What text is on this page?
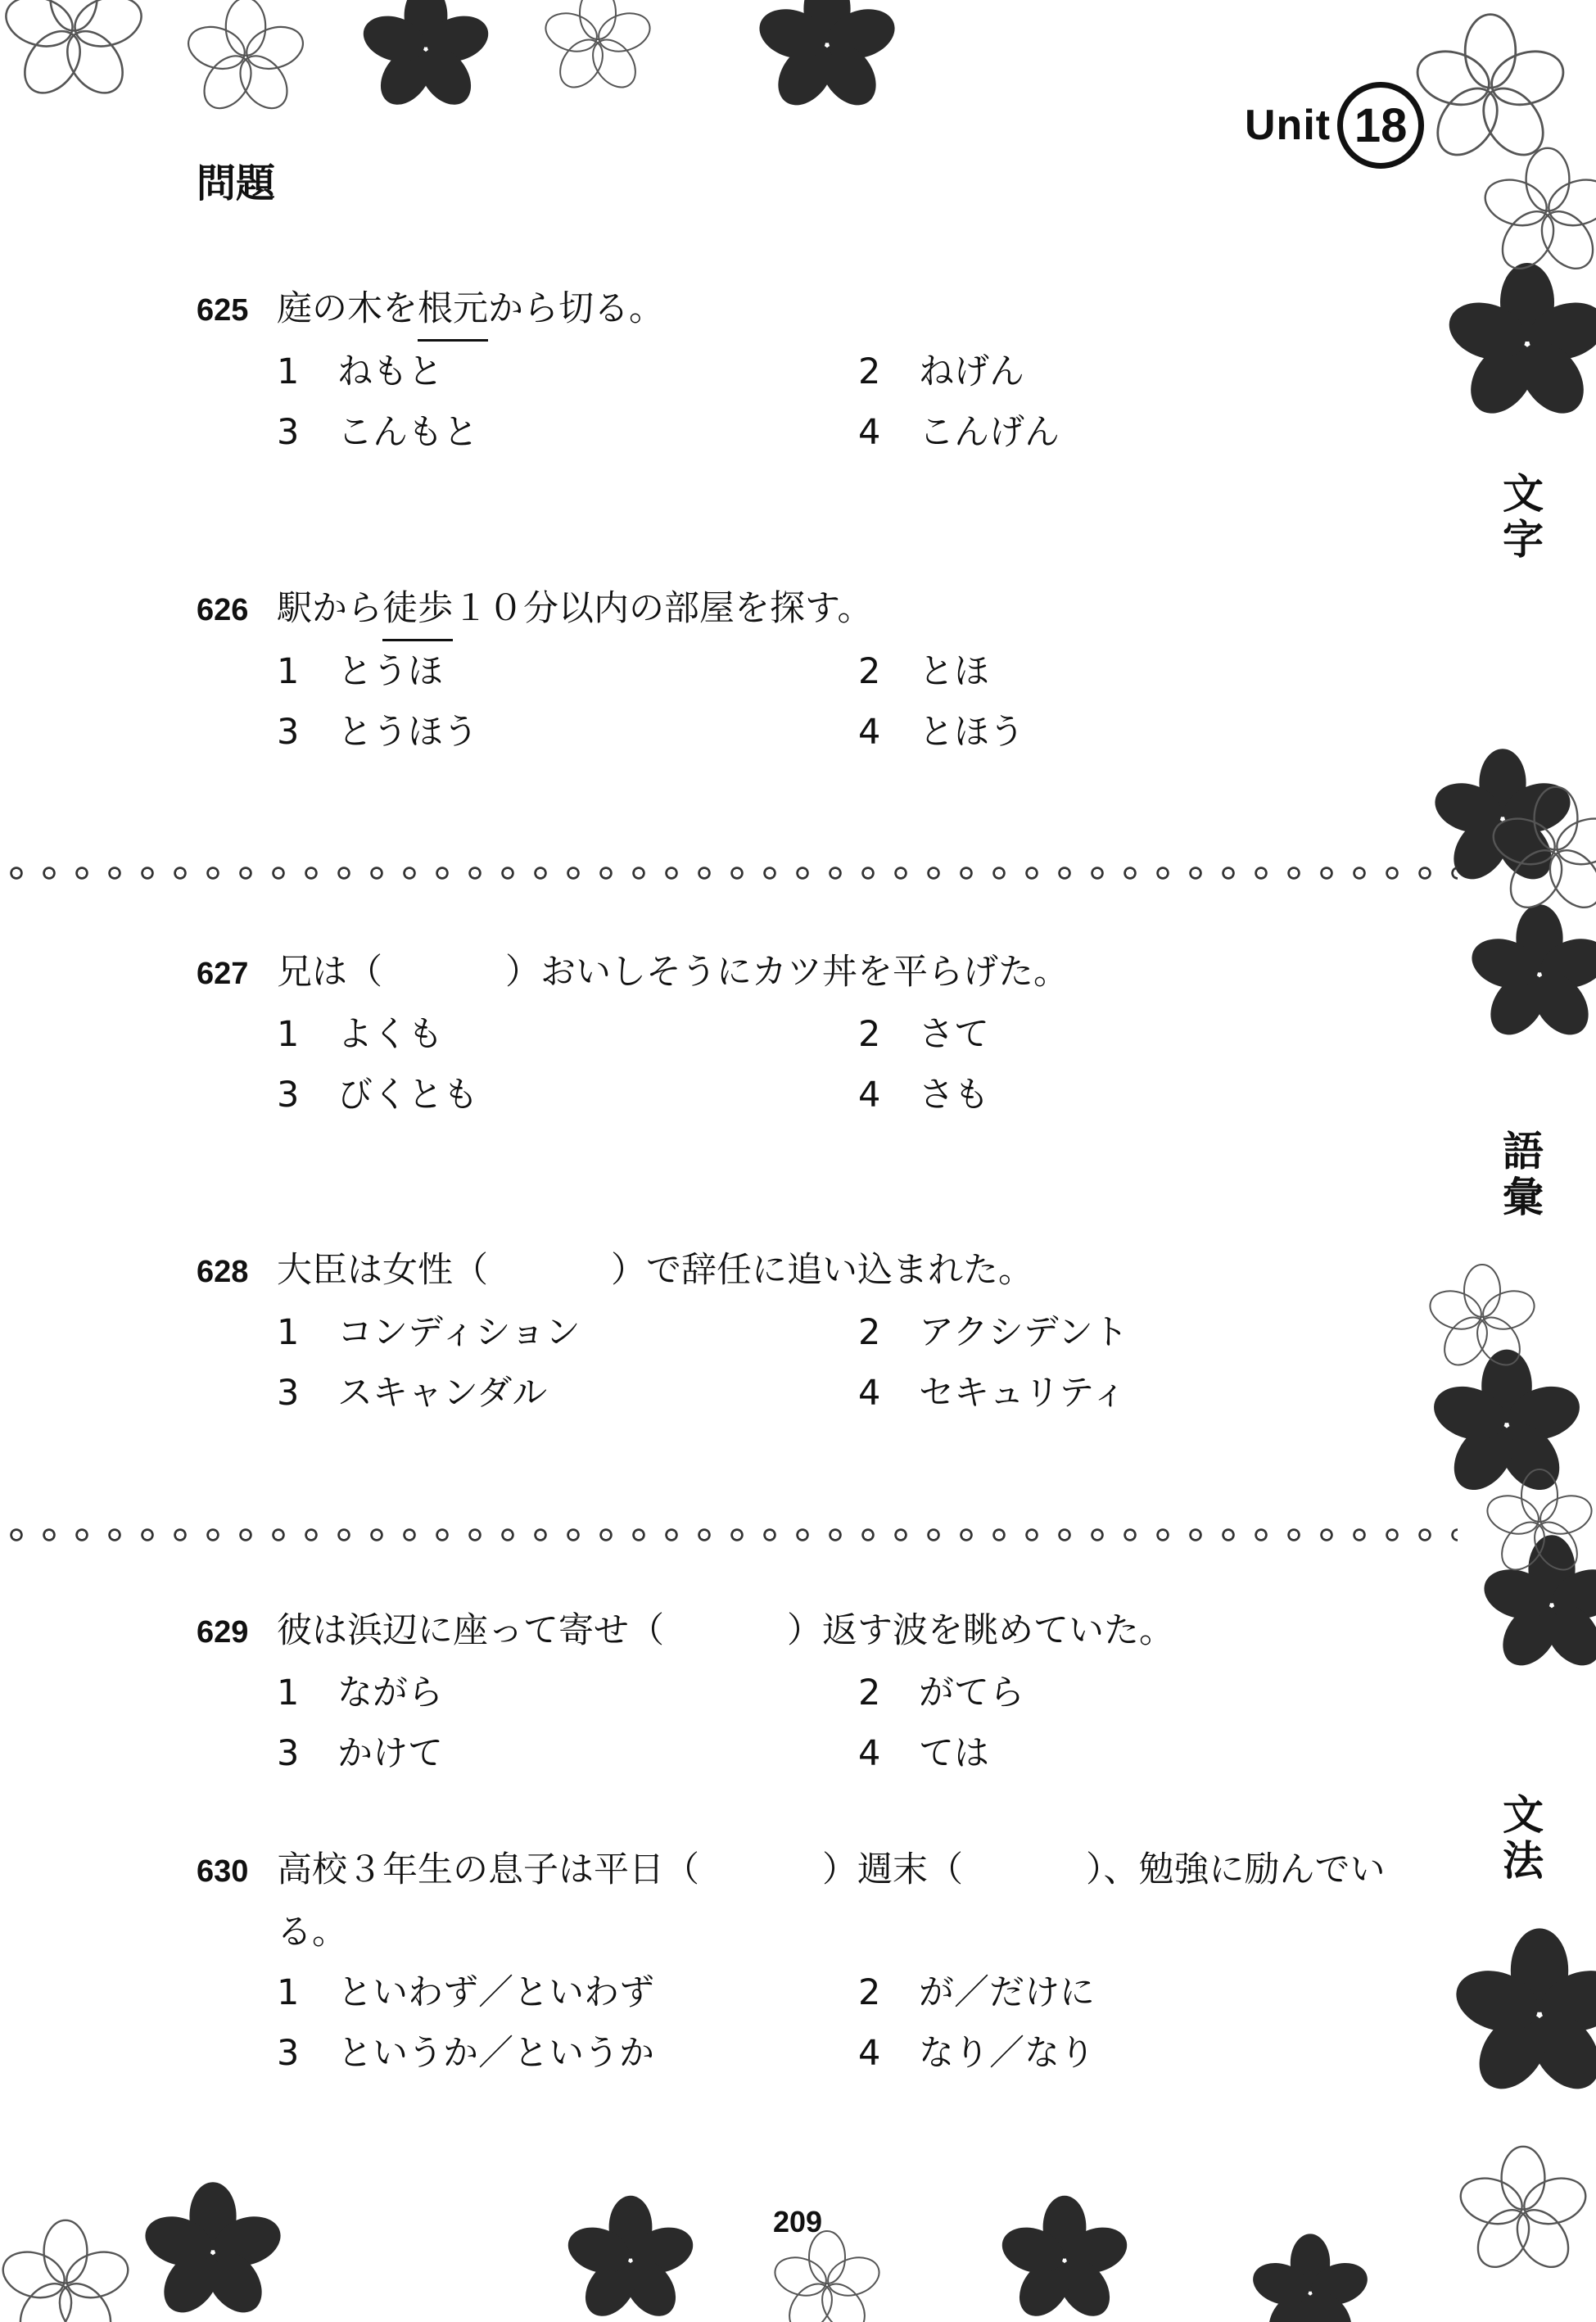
Unit 18
問題
625 庭の木を 根元 から切る。
1	ねもと	2	ねげん
3	こんもと	4	こんげん
626 駅から 徒歩 １０分以内の部屋を探す。
1	とうほ	2	とほ
3	とうほう	4	とほう
627 兄は（	）おいしそうにカツ丼を平らげた。
1	よくも	2	さて
3	びくとも	4	さも
628 大臣は女性（	）で辞任に追い込まれた。
1	コンディション	2	アクシデント
3	スキャンダル	4	セキュリティ
629 彼は浜辺に座って寄せ（	）返す波を眺めていた。
1	ながら	2	がてら
3	かけて	4	ては
630 高校３年生の息子は平日（	）週末（	）、勉強に励んでい
る。
1	といわず／といわず	2	が／だけに
3	というか／というか	4	なり／なり
文字
語彙
文法
209
